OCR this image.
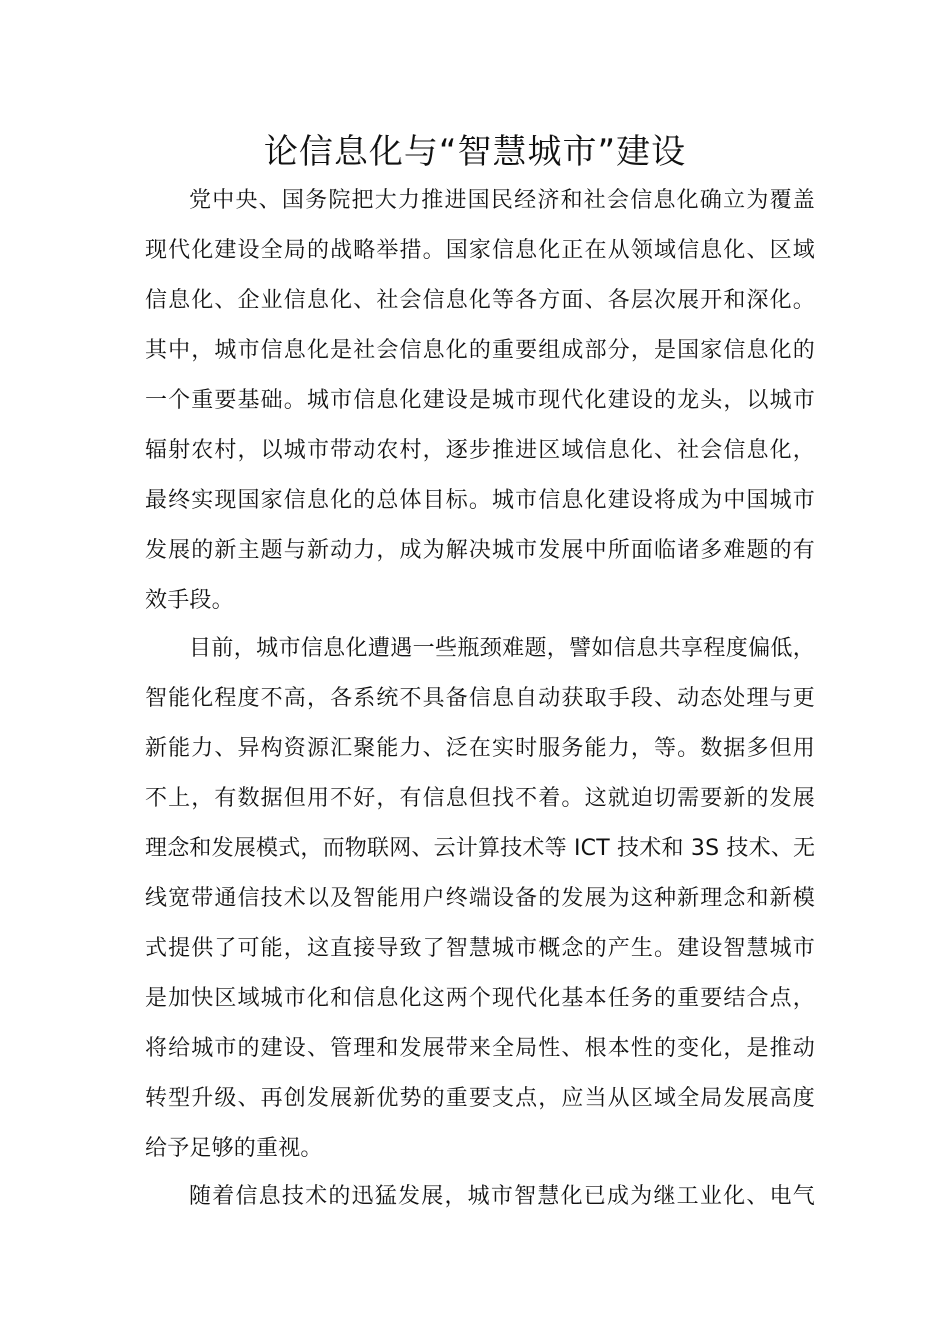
论信息化与“智慧城市”建设
党中央、国务院把大力推进国民经济和社会信息化确立为覆盖
现代化建设全局的战略举措。国家信息化正在从领域信息化、区域
信息化、企业信息化、社会信息化等各方面、各层次展开和深化。
其中，城市信息化是社会信息化的重要组成部分，是国家信息化的
一个重要基础。城市信息化建设是城市现代化建设的龙头，以城市
辐射农村，以城市带动农村，逐步推进区域信息化、社会信息化，
最终实现国家信息化的总体目标。城市信息化建设将成为中国城市
发展的新主题与新动力，成为解决城市发展中所面临诸多难题的有
效手段。
目前，城市信息化遭遇一些瓶颈难题，譬如信息共享程度偏低，
智能化程度不高，各系统不具备信息自动获取手段、动态处理与更
新能力、异构资源汇聚能力、泛在实时服务能力，等。数据多但用
不上，有数据但用不好，有信息但找不着。这就迫切需要新的发展
理念和发展模式，而物联网、云计算技术等 ICT 技术和 3S 技术、无
线宽带通信技术以及智能用户终端设备的发展为这种新理念和新模
式提供了可能，这直接导致了智慧城市概念的产生。建设智慧城市
是加快区域城市化和信息化这两个现代化基本任务的重要结合点，
将给城市的建设、管理和发展带来全局性、根本性的变化，是推动
转型升级、再创发展新优势的重要支点，应当从区域全局发展高度
给予足够的重视。
随着信息技术的迅猛发展，城市智慧化已成为继工业化、电气
